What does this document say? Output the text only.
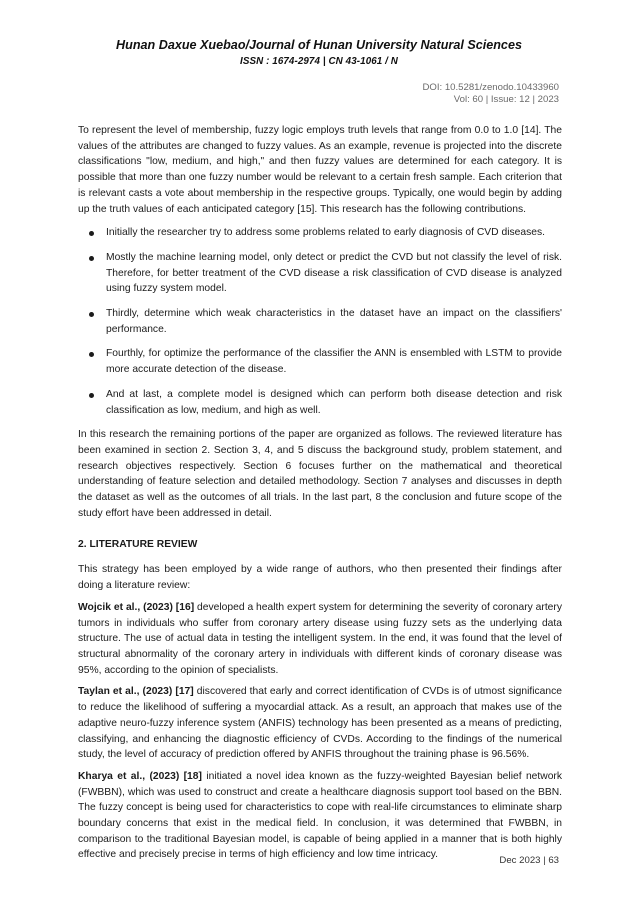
Hunan Daxue Xuebao/Journal of Hunan University Natural Sciences
ISSN : 1674-2974 | CN 43-1061 / N
DOI: 10.5281/zenodo.10433960
Vol: 60 | Issue: 12 | 2023

To represent the level of membership, fuzzy logic employs truth levels that range from 0.0 to 1.0 [14]. The values of the attributes are changed to fuzzy values. As an example, revenue is projected into the discrete classifications "low, medium, and high," and then fuzzy values are determined for each category. It is possible that more than one fuzzy number would be relevant to a certain fresh sample. Each criterion that is relevant casts a vote about membership in the respective groups. Typically, one would begin by adding up the truth values of each anticipated category [15]. This research has the following contributions.

Initially the researcher try to address some problems related to early diagnosis of CVD diseases.
Mostly the machine learning model, only detect or predict the CVD but not classify the level of risk. Therefore, for better treatment of the CVD disease a risk classification of CVD disease is analyzed using fuzzy system model.
Thirdly, determine which weak characteristics in the dataset have an impact on the classifiers' performance.
Fourthly, for optimize the performance of the classifier the ANN is ensembled with LSTM to provide more accurate detection of the disease.
And at last, a complete model is designed which can perform both disease detection and risk classification as low, medium, and high as well.

In this research the remaining portions of the paper are organized as follows. The reviewed literature has been examined in section 2. Section 3, 4, and 5 discuss the background study, problem statement, and research objectives respectively. Section 6 focuses further on the mathematical and theoretical understanding of feature selection and detailed methodology. Section 7 analyses and discusses in depth the dataset as well as the outcomes of all trials. In the last part, 8 the conclusion and future scope of the study effort have been addressed in detail.

2. LITERATURE REVIEW

This strategy has been employed by a wide range of authors, who then presented their findings after doing a literature review:

Wojcik et al., (2023) [16] developed a health expert system for determining the severity of coronary artery tumors in individuals who suffer from coronary artery disease using fuzzy sets as the underlying data structure. The use of actual data in testing the intelligent system. In the end, it was found that the level of structural abnormality of the coronary artery in individuals with different kinds of coronary disease was 95%, according to the opinion of specialists.

Taylan et al., (2023) [17] discovered that early and correct identification of CVDs is of utmost significance to reduce the likelihood of suffering a myocardial attack. As a result, an approach that makes use of the adaptive neuro-fuzzy inference system (ANFIS) technology has been presented as a means of predicting, classifying, and enhancing the diagnostic efficiency of CVDs. According to the findings of the numerical study, the level of accuracy of prediction offered by ANFIS throughout the training phase is 96.56%.

Kharya et al., (2023) [18] initiated a novel idea known as the fuzzy-weighted Bayesian belief network (FWBBN), which was used to construct and create a healthcare diagnosis support tool based on the BBN. The fuzzy concept is being used for characteristics to cope with real-life circumstances to eliminate sharp boundary concerns that exist in the medical field. In conclusion, it was determined that FWBBN, in comparison to the traditional Bayesian model, is capable of being applied in a manner that is both highly effective and precisely precise in terms of high efficiency and low time intricacy.

Dec 2023 | 63
